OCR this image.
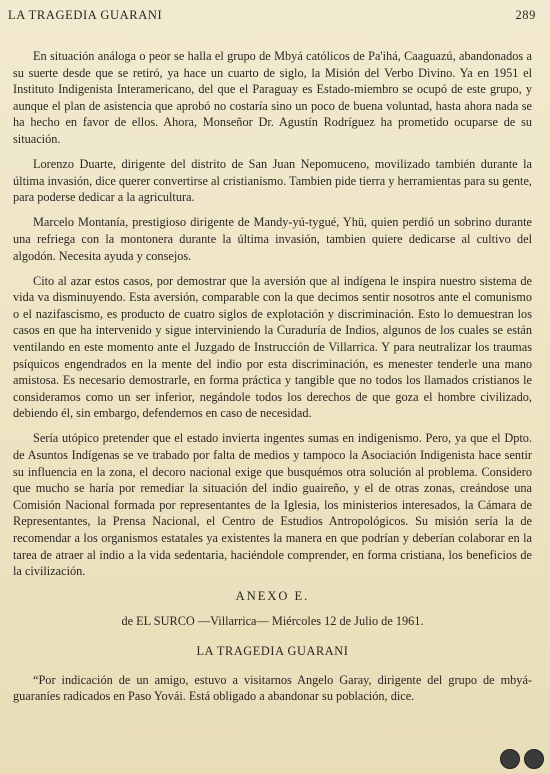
LA TRAGEDIA GUARANI	289

En situación análoga o peor se halla el grupo de Mbyá católicos de Pa'ihá, Caaguazú, abandonados a su suerte desde que se retiró, ya hace un cuarto de siglo, la Misión del Verbo Divino. Ya en 1951 el Instituto Indigenista Interamericano, del que el Paraguay es Estado-miembro se ocupó de este grupo, y aunque el plan de asistencia que aprobó no costaría sino un poco de buena voluntad, hasta ahora nada se ha hecho en favor de ellos. Ahora, Monseñor Dr. Agustín Rodríguez ha prometido ocuparse de su situación.

Lorenzo Duarte, dirigente del distrito de San Juan Nepomuceno, movilizado también durante la última invasión, dice querer convertirse al cristianismo. Tambien pide tierra y herramientas para su gente, para poderse dedicar a la agricultura.

Marcelo Montanía, prestigioso dirigente de Mandy-yú-tygué, Yhü, quien perdió un sobrino durante una refriega con la montonera durante la última invasión, tambien quiere dedicarse al cultivo del algodón. Necesita ayuda y consejos.

Cito al azar estos casos, por demostrar que la aversión que al indígena le inspira nuestro sistema de vida va disminuyendo. Esta aversión, comparable con la que decimos sentir nosotros ante el comunismo o el nazifascismo, es producto de cuatro siglos de explotación y discriminación. Esto lo demuestran los casos en que ha intervenido y sigue interviniendo la Curaduría de Indios, algunos de los cuales se están ventilando en este momento ante el Juzgado de Instrucción de Villarrica. Y para neutralizar los traumas psíquicos engendrados en la mente del indio por esta discriminación, es menester tenderle una mano amistosa. Es necesario demostrarle, en forma práctica y tangible que no todos los llamados cristianos le consideramos como un ser inferior, negándole todos los derechos de que goza el hombre civilizado, debiendo él, sin embargo, defendernos en caso de necesidad.

Sería utópico pretender que el estado invierta ingentes sumas en indigenismo. Pero, ya que el Dpto. de Asuntos Indígenas se ve trabado por falta de medios y tampoco la Asociación Indigenista hace sentir su influencia en la zona, el decoro nacional exige que busquémos otra solución al problema. Considero que mucho se haría por remediar la situación del indio guaireño, y el de otras zonas, creándose una Comisión Nacional formada por representantes de la Iglesia, los ministerios interesados, la Cámara de Representantes, la Prensa Nacional, el Centro de Estudios Antropológicos. Su misión sería la de recomendar a los organismos estatales ya existentes la manera en que podrían y deberían colaborar en la tarea de atraer al indio a la vida sedentaria, haciéndole comprender, en forma cristiana, los beneficios de la civilización.

ANEXO E.

de EL SURCO —Villarrica— Miércoles 12 de Julio de 1961.

LA TRAGEDIA GUARANI

“Por indicación de un amigo, estuvo a visitarnos Angelo Garay, dirigente del grupo de mbyá-guaraníes radicados en Paso Yovái. Está obligado a abandonar su población, dice.
